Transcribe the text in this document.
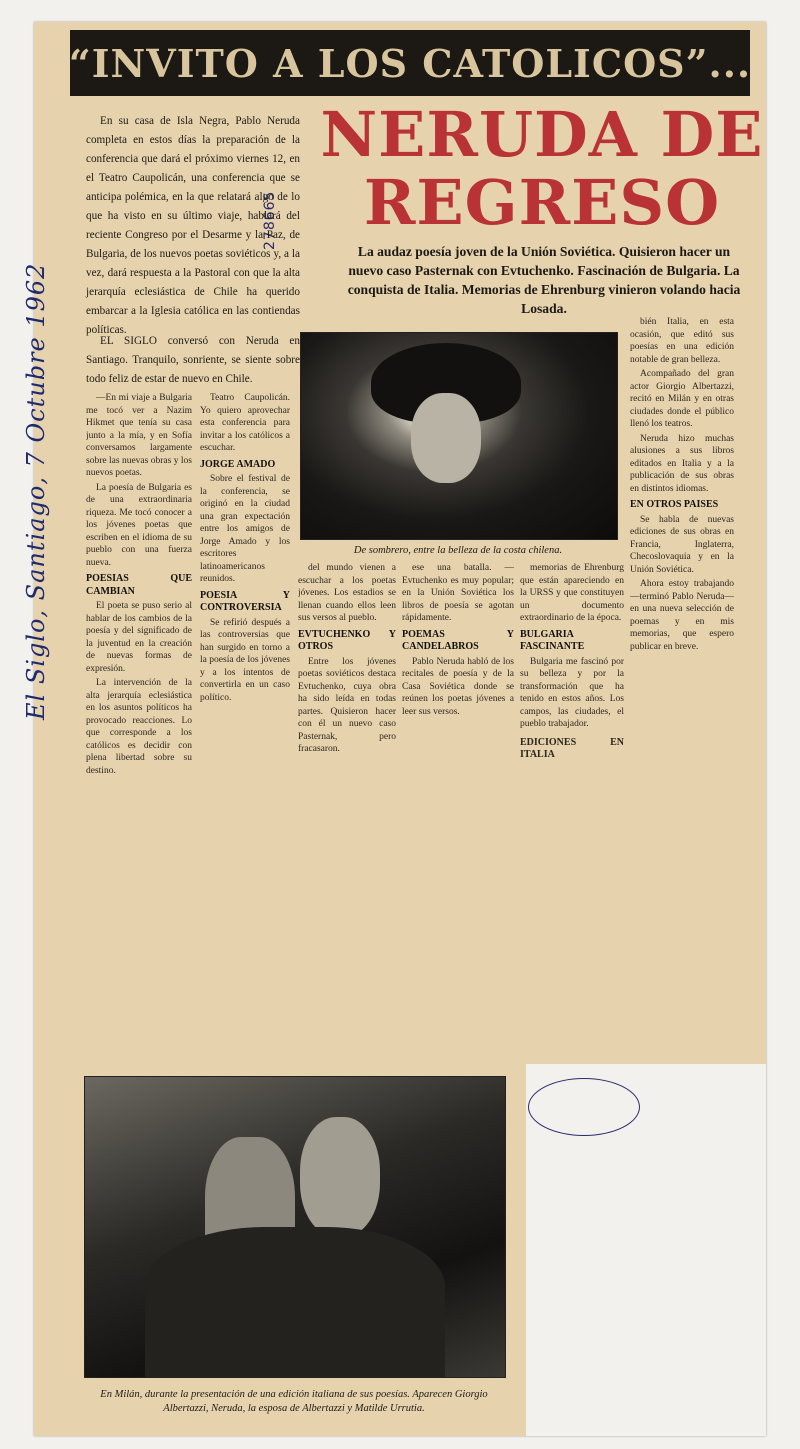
“INVITO A LOS CATOLICOS”...
NERUDA DE
REGRESO
278665
El Siglo, Santiago, 7 Octubre 1962
En su casa de Isla Negra, Pablo Neruda completa en estos días la preparación de la conferencia que dará el próximo viernes 12, en el Teatro Caupolicán, una conferencia que se anticipa polémica, en la que relatará algo de lo que ha visto en su último viaje, hablará del reciente Congreso por el Desarme y la Paz, de Bulgaria, de los nuevos poetas soviéticos y, a la vez, dará respuesta a la Pastoral con que la alta jerarquía eclesiástica de Chile ha querido embarcar a la Iglesia católica en las contiendas políticas.
EL SIGLO conversó con Neruda en Santiago. Tranquilo, sonriente, se siente sobre todo feliz de estar de nuevo en Chile.
La audaz poesía joven de la Unión Soviética. Quisieron hacer un nuevo caso Pasternak con Evtuchenko. Fascinación de Bulgaria. La conquista de Italia. Memorias de Ehrenburg vinieron volando hacia Losada.
De sombrero, entre la belleza de la costa chilena.

—En mi viaje a Bulgaria me tocó ver a Nazim Hikmet que tenía su casa junto a la mía, y en Sofía conversamos largamente sobre las nuevas obras y los nuevos poetas.

La poesía de Bulgaria es de una extraordinaria riqueza. Me tocó conocer a los jóvenes poetas que escriben en el idioma de su pueblo con una fuerza nueva.

POESIAS QUE CAMBIAN

El poeta se puso serio al hablar de los cambios de la poesía y del significado de la juventud en la creación de nuevas formas de expresión.

La intervención de la alta jerarquía eclesiástica en los asuntos políticos ha provocado reacciones. Lo que corresponde a los católicos es decidir con plena libertad sobre su destino.

Teatro Caupolicán. Yo quiero aprovechar esta conferencia para invitar a los católicos a escuchar.

JORGE AMADO

Sobre el festival de la conferencia, se originó en la ciudad una gran expectación entre los amigos de Jorge Amado y los escritores latinoamericanos reunidos.

POESIA Y CONTROVERSIA

Se refirió después a las controversias que han surgido en torno a la poesía de los jóvenes y a los intentos de convertirla en un caso político.

del mundo vienen a escuchar a los poetas jóvenes. Los estadios se llenan cuando ellos leen sus versos al pueblo.

EVTUCHENKO Y OTROS

Entre los jóvenes poetas soviéticos destaca Evtuchenko, cuya obra ha sido leída en todas partes. Quisieron hacer con él un nuevo caso Pasternak, pero fracasaron.

ese una batalla. —Evtuchenko es muy popular; en la Unión Soviética los libros de poesía se agotan rápidamente.

POEMAS Y CANDELABROS

Pablo Neruda habló de los recitales de poesía y de la Casa Soviética donde se reúnen los poetas jóvenes a leer sus versos.

memorias de Ehrenburg que están apareciendo en la URSS y que constituyen un documento extraordinario de la época.

BULGARIA FASCINANTE

Bulgaria me fascinó por su belleza y por la transformación que ha tenido en estos años. Los campos, las ciudades, el pueblo trabajador.

EDICIONES EN ITALIA

bién Italia, en esta ocasión, que editó sus poesías en una edición notable de gran belleza.

Acompañado del gran actor Giorgio Albertazzi, recitó en Milán y en otras ciudades donde el público llenó los teatros.

Neruda hizo muchas alusiones a sus libros editados en Italia y a la publicación de sus obras en distintos idiomas.

EN OTROS PAISES

Se habla de nuevas ediciones de sus obras en Francia, Inglaterra, Checoslovaquia y en la Unión Soviética.

Ahora estoy trabajando —terminó Pablo Neruda— en una nueva selección de poemas y en mis memorias, que espero publicar en breve.

En Milán, durante la presentación de una edición italiana de sus poesías. Aparecen Giorgio Albertazzi, Neruda, la esposa de Albertazzi y Matilde Urrutia.
